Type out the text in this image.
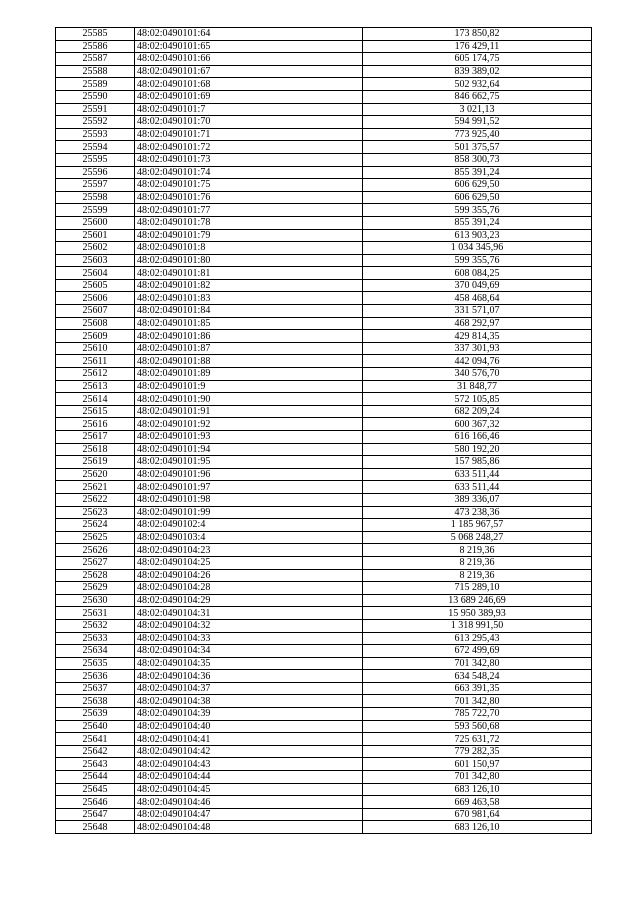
25585	48:02:0490101:64	173 850,82
25586	48:02:0490101:65	176 429,11
25587	48:02:0490101:66	605 174,75
25588	48:02:0490101:67	839 389,02
25589	48:02:0490101:68	502 932,64
25590	48:02:0490101:69	846 662,75
25591	48:02:0490101:7	3 021,13
25592	48:02:0490101:70	594 991,52
25593	48:02:0490101:71	773 925,40
25594	48:02:0490101:72	501 375,57
25595	48:02:0490101:73	858 300,73
25596	48:02:0490101:74	855 391,24
25597	48:02:0490101:75	606 629,50
25598	48:02:0490101:76	606 629,50
25599	48:02:0490101:77	599 355,76
25600	48:02:0490101:78	855 391,24
25601	48:02:0490101:79	613 903,23
25602	48:02:0490101:8	1 034 345,96
25603	48:02:0490101:80	599 355,76
25604	48:02:0490101:81	608 084,25
25605	48:02:0490101:82	370 049,69
25606	48:02:0490101:83	458 468,64
25607	48:02:0490101:84	331 571,07
25608	48:02:0490101:85	468 292,97
25609	48:02:0490101:86	429 814,35
25610	48:02:0490101:87	337 301,93
25611	48:02:0490101:88	442 094,76
25612	48:02:0490101:89	340 576,70
25613	48:02:0490101:9	31 848,77
25614	48:02:0490101:90	572 105,85
25615	48:02:0490101:91	682 209,24
25616	48:02:0490101:92	600 367,32
25617	48:02:0490101:93	616 166,46
25618	48:02:0490101:94	580 192,20
25619	48:02:0490101:95	157 985,86
25620	48:02:0490101:96	633 511,44
25621	48:02:0490101:97	633 511,44
25622	48:02:0490101:98	389 336,07
25623	48:02:0490101:99	473 238,36
25624	48:02:0490102:4	1 185 967,57
25625	48:02:0490103:4	5 068 248,27
25626	48:02:0490104:23	8 219,36
25627	48:02:0490104:25	8 219,36
25628	48:02:0490104:26	8 219,36
25629	48:02:0490104:28	715 289,10
25630	48:02:0490104:29	13 689 246,69
25631	48:02:0490104:31	15 950 389,93
25632	48:02:0490104:32	1 318 991,50
25633	48:02:0490104:33	613 295,43
25634	48:02:0490104:34	672 499,69
25635	48:02:0490104:35	701 342,80
25636	48:02:0490104:36	634 548,24
25637	48:02:0490104:37	663 391,35
25638	48:02:0490104:38	701 342,80
25639	48:02:0490104:39	785 722,70
25640	48:02:0490104:40	593 560,68
25641	48:02:0490104:41	725 631,72
25642	48:02:0490104:42	779 282,35
25643	48:02:0490104:43	601 150,97
25644	48:02:0490104:44	701 342,80
25645	48:02:0490104:45	683 126,10
25646	48:02:0490104:46	669 463,58
25647	48:02:0490104:47	670 981,64
25648	48:02:0490104:48	683 126,10
